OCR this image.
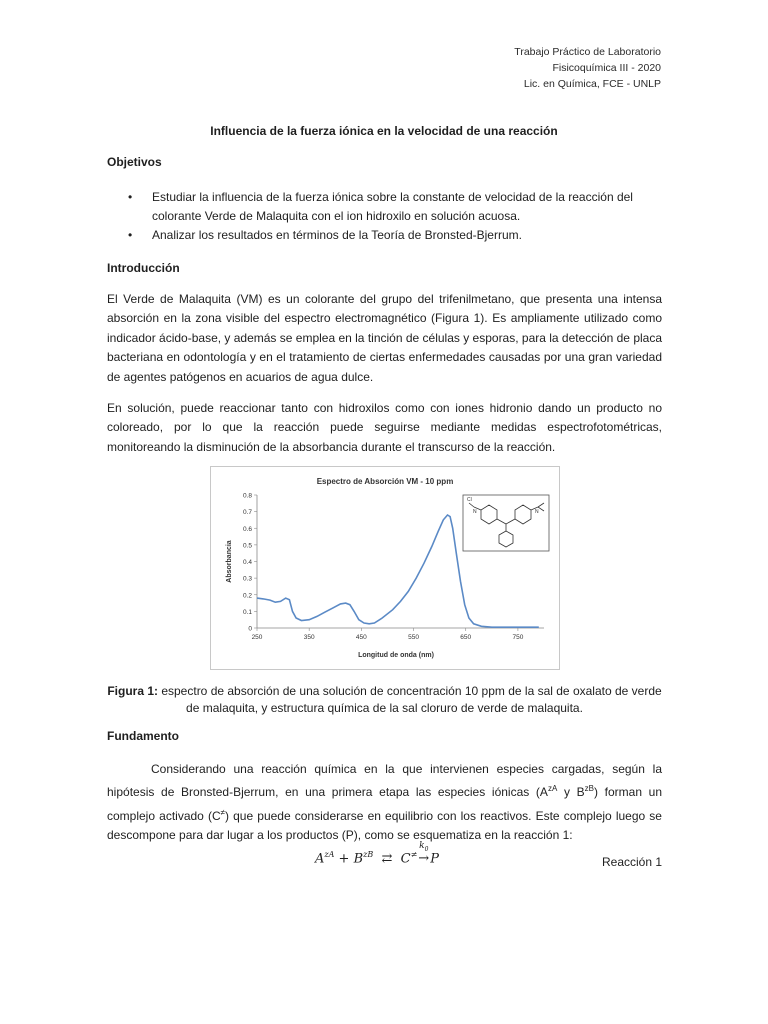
Trabajo Práctico de Laboratorio
Fisicoquímica III - 2020
Lic. en Química, FCE - UNLP
Influencia de la fuerza iónica en la velocidad de una reacción
Objetivos
• Estudiar la influencia de la fuerza iónica sobre la constante de velocidad de la reacción del colorante Verde de Malaquita con el ion hidroxilo en solución acuosa.
• Analizar los resultados en términos de la Teoría de Bronsted-Bjerrum.
Introducción

El Verde de Malaquita (VM) es un colorante del grupo del trifenilmetano, que presenta una intensa absorción en la zona visible del espectro electromagnético (Figura 1). Es ampliamente utilizado como indicador ácido-base, y además se emplea en la tinción de células y esporas, para la detección de placa bacteriana en odontología y en el tratamiento de ciertas enfermedades causadas por una gran variedad de agentes patógenos en acuarios de agua dulce.

En solución, puede reaccionar tanto con hidroxilos como con iones hidronio dando un producto no coloreado, por lo que la reacción puede seguirse mediante medidas espectrofotométricas, monitoreando la disminución de la absorbancia durante el transcurso de la reacción.

Espectro de Absorción VM - 10 ppm
0
0.1
0.2
0.3
0.4
0.5
0.6
0.7
0.8
250	350	450	550	650	750
Absorbancia
Longitud de onda (nm)
Cl
N	N
Figura 1: espectro de absorción de una solución de concentración 10 ppm de la sal de oxalato de verde de malaquita, y estructura química de la sal cloruro de verde de malaquita.
Fundamento

Considerando una reacción química en la que intervienen especies cargadas, según la hipótesis de Bronsted-Bjerrum, en una primera etapa las especies iónicas ($A^{zA}$ y $B^{zB}$) forman un complejo activado (C≠) que puede considerarse en equilibrio con los reactivos. Este complejo luego se descompone para dar lugar a los productos (P), como se esquematiza en la reacción 1:

$A^{zA} + B^{zB}$  ⇄  C≠
$k_0$
→P	Reacción 1
